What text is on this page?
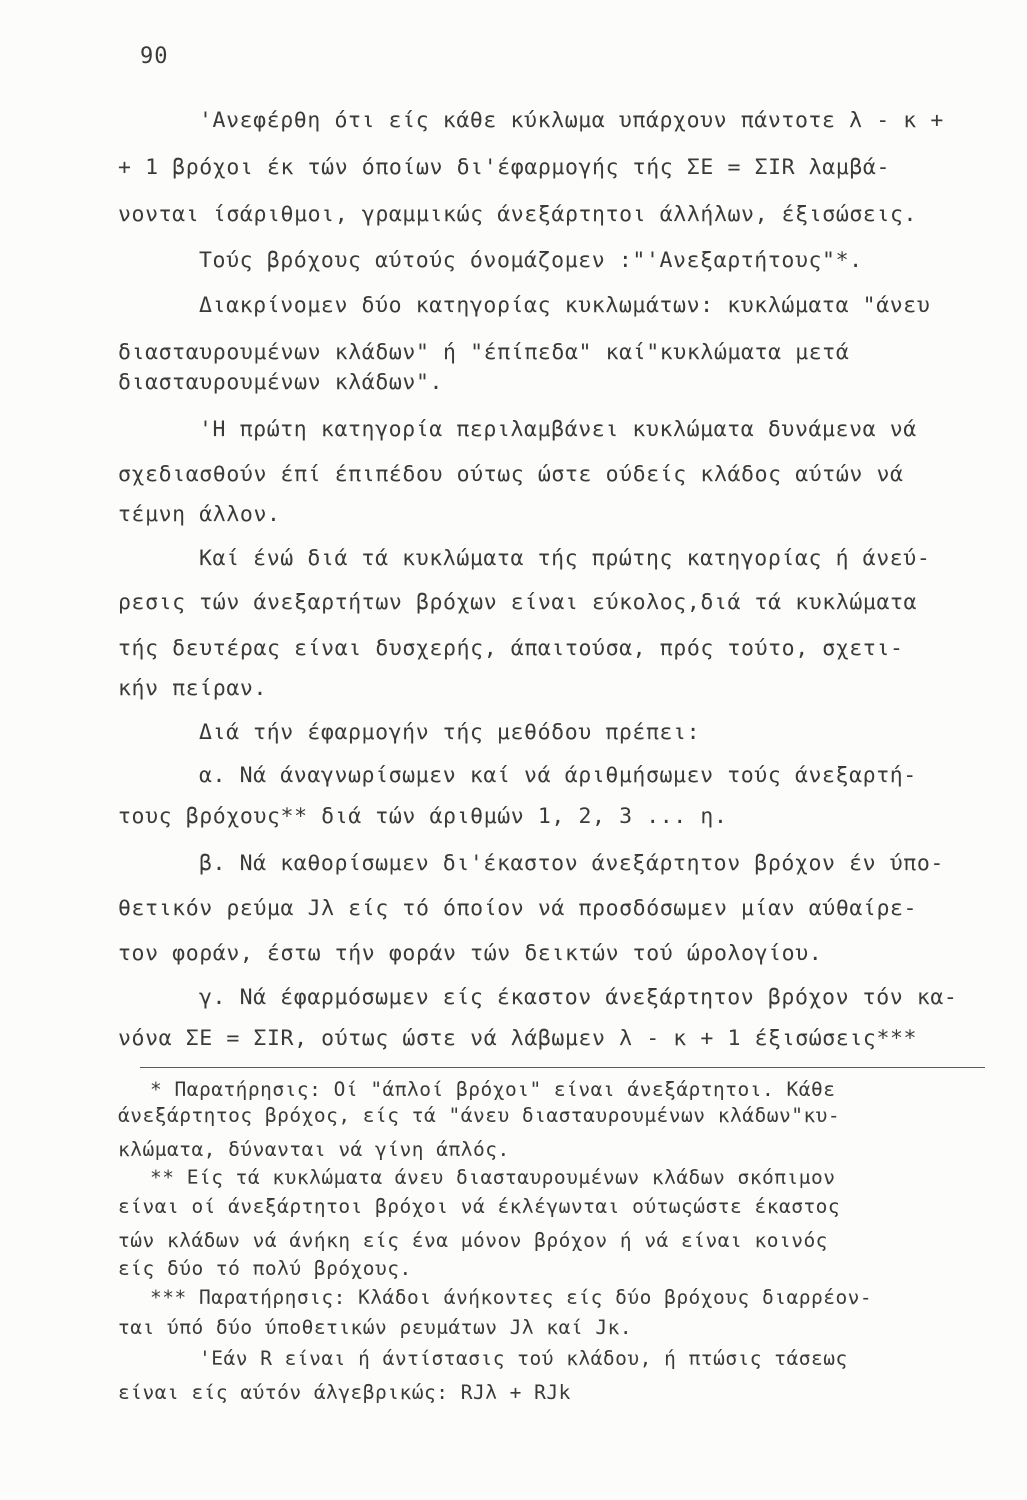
90
'Ανεφέρθη ότι είς κάθε κύκλωμα υπάρχουν πάντοτε λ - κ +
+ 1 βρόχοι έκ τών όποίων δι'έφαρμογής τής ΣΕ = ΣΙR λαμβά-
νονται ίσάριθμοι, γραμμικώς άνεξάρτητοι άλλήλων, έξισώσεις.
Τούς βρόχους αύτούς όνομάζομεν :"'Ανεξαρτήτους"*.
Διακρίνομεν δύο κατηγορίας κυκλωμάτων: κυκλώματα "άνευ
διασταυρουμένων κλάδων" ή "έπίπεδα" καί"κυκλώματα μετά
διασταυρουμένων κλάδων".
'Η πρώτη κατηγορία περιλαμβάνει κυκλώματα δυνάμενα νά
σχεδιασθούν έπί έπιπέδου ούτως ώστε ούδείς κλάδος αύτών νά
τέμνη άλλον.
Καί ένώ διά τά κυκλώματα τής πρώτης κατηγορίας ή άνεύ-
ρεσις τών άνεξαρτήτων βρόχων είναι εύκολος,διά τά κυκλώματα
τής δευτέρας είναι δυσχερής, άπαιτούσα, πρός τούτο, σχετι-
κήν πείραν.
Διά τήν έφαρμογήν τής μεθόδου πρέπει:
α. Νά άναγνωρίσωμεν καί νά άριθμήσωμεν τούς άνεξαρτή-
τους βρόχους** διά τών άριθμών 1, 2, 3 ... η.
β. Νά καθορίσωμεν δι'έκαστον άνεξάρτητον βρόχον έν ύπο-
θετικόν ρεύμα Jλ είς τό όποίον νά προσδόσωμεν μίαν αύθαίρε-
τον φοράν, έστω τήν φοράν τών δεικτών τού ώρολογίου.
γ. Νά έφαρμόσωμεν είς έκαστον άνεξάρτητον βρόχον τόν κα-
νόνα ΣΕ = ΣΙR, ούτως ώστε νά λάβωμεν λ - κ + 1 έξισώσεις***
* Παρατήρησις: Οί "άπλοί βρόχοι" είναι άνεξάρτητοι. Κάθε
άνεξάρτητος βρόχος, είς τά "άνευ διασταυρουμένων κλάδων"κυ-
κλώματα, δύνανται νά γίνη άπλός.
** Είς τά κυκλώματα άνευ διασταυρουμένων κλάδων σκόπιμον
είναι οί άνεξάρτητοι βρόχοι νά έκλέγωνται ούτωςώστε έκαστος
τών κλάδων νά άνήκη είς ένα μόνον βρόχον ή νά είναι κοινός
είς δύο τό πολύ βρόχους.
*** Παρατήρησις: Κλάδοι άνήκοντες είς δύο βρόχους διαρρέον-
ται ύπό δύο ύποθετικών ρευμάτων Jλ καί Jκ.
'Εάν R είναι ή άντίστασις τού κλάδου, ή πτώσις τάσεως
είναι είς αύτόν άλγεβρικώς: RJλ + RJk
